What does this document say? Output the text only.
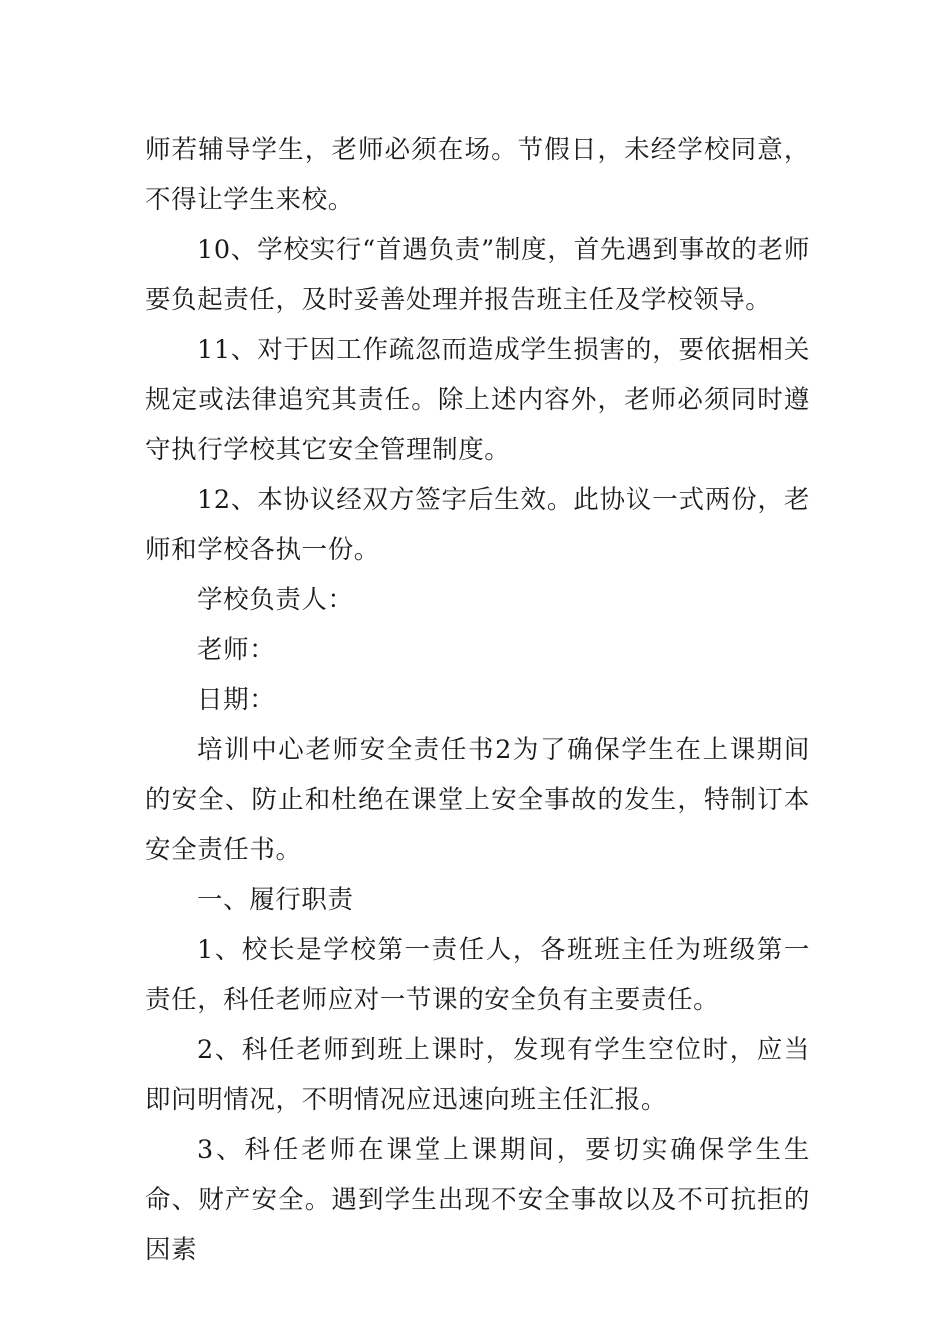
师若辅导学生，老师必须在场。节假日，未经学校同意，不得让学生来校。

10、学校实行“首遇负责”制度，首先遇到事故的老师要负起责任，及时妥善处理并报告班主任及学校领导。

11、对于因工作疏忽而造成学生损害的，要依据相关规定或法律追究其责任。除上述内容外，老师必须同时遵守执行学校其它安全管理制度。

12、本协议经双方签字后生效。此协议一式两份，老师和学校各执一份。

学校负责人：

老师：

日期：

培训中心老师安全责任书2为了确保学生在上课期间的安全、防止和杜绝在课堂上安全事故的发生，特制订本安全责任书。

一、履行职责

1、校长是学校第一责任人，各班班主任为班级第一责任，科任老师应对一节课的安全负有主要责任。

2、科任老师到班上课时，发现有学生空位时，应当即问明情况，不明情况应迅速向班主任汇报。

3、科任老师在课堂上课期间，要切实确保学生生命、财产安全。遇到学生出现不安全事故以及不可抗拒的因素
